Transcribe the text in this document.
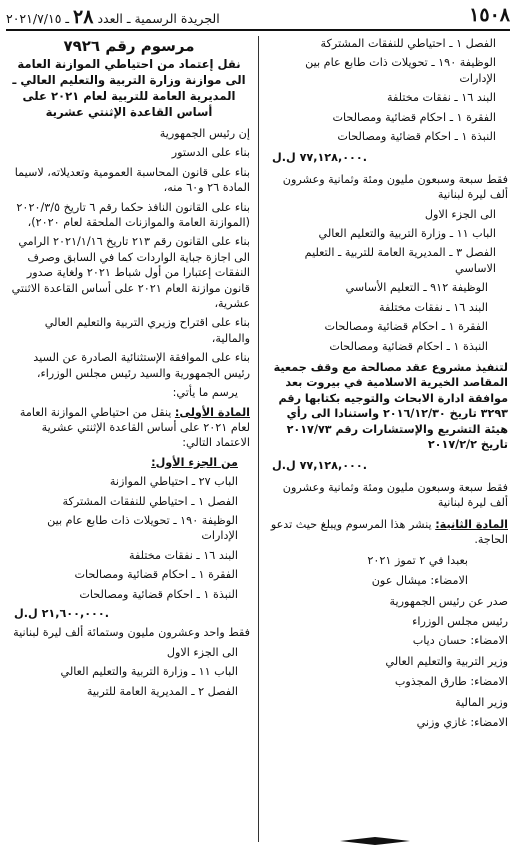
١٥٠٨
الجريدة الرسمية ـ العدد ٢٨ ـ ٢٠٢١/٧/١٥
الفصل ١ ـ احتياطي للنفقات المشتركة
الوظيفة ١٩٠ ـ تحويلات ذات طابع عام بين الإدارات
البند ١٦ ـ نفقات مختلفة
الفقرة ١ ـ احكام قضائية ومصالحات
النبذة ١ ـ احكام قضائية ومصالحات
٧٧,١٢٨,٠٠٠ ل.ل.
فقط سبعة وسبعون مليون ومئة وثمانية وعشرون ألف ليرة لبنانية
الى الجزء الاول
الباب ١١ ـ وزارة التربية والتعليم العالي
الفصل ٣ ـ المديرية العامة للتربية ـ التعليم الاساسي
الوظيفة ٩١٢ ـ التعليم الأساسي
البند ١٦ ـ نفقات مختلفة
الفقرة ١ ـ احكام قضائية ومصالحات
النبذة ١ ـ احكام قضائية ومصالحات
لتنفيذ مشروع عقد مصالحة مع وقف جمعية المقاصد الخيرية الاسلامية في بيروت بعد موافقة ادارة الابحاث والتوجيه بكتابها رقم ٣٢٩٣ تاريخ ٢٠١٦/١٢/٣٠ واستنادا الى رأي هيئة التشريع والإستشارات رقم ٢٠١٧/٧٣ تاريخ ٢٠١٧/٢/٢
٧٧,١٢٨,٠٠٠ ل.ل.
فقط سبعة وسبعون مليون ومئة وثمانية وعشرون ألف ليرة لبنانية
المادة الثانية: ينشر هذا المرسوم ويبلغ حيث تدعو الحاجة.
بعبدا في ٢ تموز ٢٠٢١
الامضاء: ميشال عون
صدر عن رئيس الجمهورية
رئيس مجلس الوزراء
الامضاء: حسان دياب
وزير التربية والتعليم العالي
الامضاء: طارق المجذوب
وزير المالية
الامضاء: غازي وزني
مرسوم رقم ٧٩٢٦
نقل إعتماد من احتياطي الموازنة العامة الى موازنة وزارة التربية والتعليم العالي ـ المديرية العامة للتربية لعام ٢٠٢١ على أساس القاعدة الإثنتي عشرية
إن رئيس الجمهورية
بناء على الدستور
بناء على قانون المحاسبة العمومية وتعديلاته، لاسيما المادة ٢٦ و٦٠ منه،
بناء على القانون النافذ حكما رقم ٦ تاريخ ٢٠٢٠/٣/٥ (الموازنة العامة والموازنات الملحقة لعام ٢٠٢٠)،
بناء على القانون رقم ٢١٣ تاريخ ٢٠٢١/١/١٦ الرامي الى اجازة جباية الواردات كما في السابق وصرف النفقات إعتبارا من أول شباط ٢٠٢١ ولغاية صدور قانون موازنة العام ٢٠٢١ على أساس القاعدة الاثنتي عشرية،
بناء على اقتراح وزيري التربية والتعليم العالي والمالية،
بناء على الموافقة الإستثنائية الصادرة عن السيد رئيس الجمهورية والسيد رئيس مجلس الوزراء،
يرسم ما يأتي:
المادة الأولى: ينقل من احتياطي الموازنة العامة لعام ٢٠٢١ على أساس القاعدة الإثنتي عشرية الاعتماد التالي:
من الجزء الأول:
الباب ٢٧ ـ احتياطي الموازنة
الفصل ١ ـ احتياطي للنفقات المشتركة
الوظيفة ١٩٠ ـ تحويلات ذات طابع عام بين الإدارات
البند ١٦ ـ نفقات مختلفة
الفقرة ١ ـ احكام قضائية ومصالحات
النبذة ١ ـ احكام قضائية ومصالحات
٢١,٦٠٠,٠٠٠ ل.ل.
فقط واحد وعشرون مليون وستمائة ألف ليرة لبنانية
الى الجزء الاول
الباب ١١ ـ وزارة التربية والتعليم العالي
الفصل ٢ ـ المديرية العامة للتربية
